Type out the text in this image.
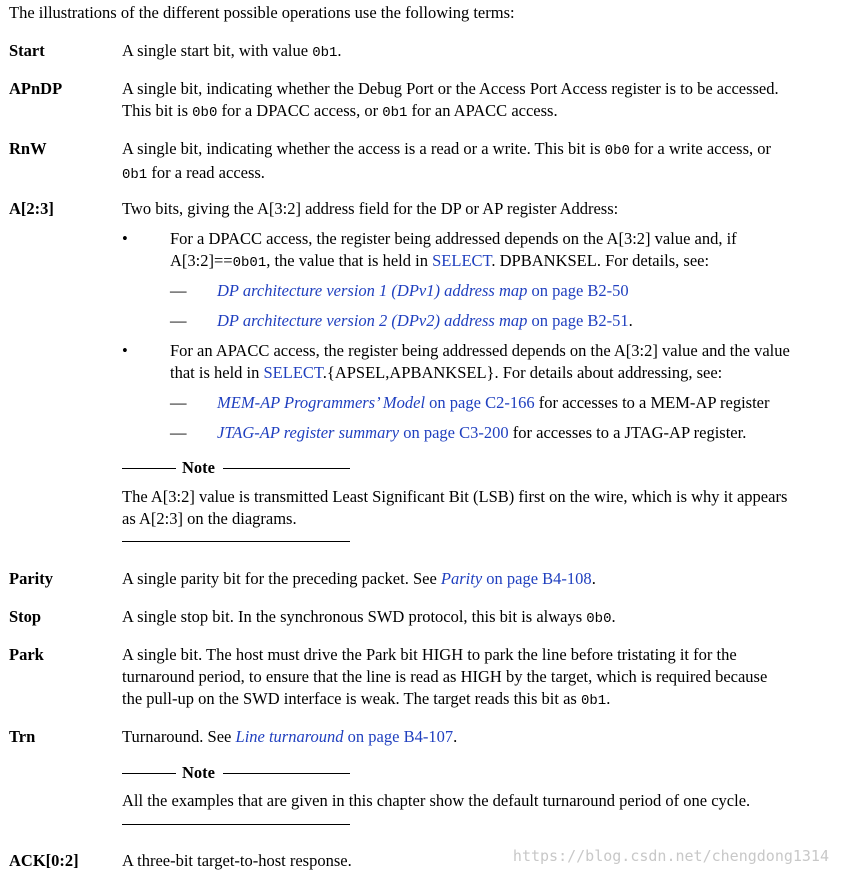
The illustrations of the different possible operations use the following terms:
Start	A single start bit, with value 0b1.
APnDP	A single bit, indicating whether the Debug Port or the Access Port Access register is to be accessed.
This bit is 0b0 for a DPACC access, or 0b1 for an APACC access.
RnW	A single bit, indicating whether the access is a read or a write. This bit is 0b0 for a write access, or
0b1 for a read access.
A[2:3]	Two bits, giving the A[3:2] address field for the DP or AP register Address:
•	For a DPACC access, the register being addressed depends on the A[3:2] value and, if
A[3:2]==0b01, the value that is held in SELECT. DPBANKSEL. For details, see:
— DP architecture version 1 (DPv1) address map on page B2-50
— DP architecture version 2 (DPv2) address map on page B2-51.
•	For an APACC access, the register being addressed depends on the A[3:2] value and the value
that is held in SELECT.{APSEL,APBANKSEL}. For details about addressing, see:
— MEM-AP Programmers’ Model on page C2-166 for accesses to a MEM-AP register
— JTAG-AP register summary on page C3-200 for accesses to a JTAG-AP register.
Note
The A[3:2] value is transmitted Least Significant Bit (LSB) first on the wire, which is why it appears
as A[2:3] on the diagrams.
Parity	A single parity bit for the preceding packet. See Parity on page B4-108.
Stop	A single stop bit. In the synchronous SWD protocol, this bit is always 0b0.
Park	A single bit. The host must drive the Park bit HIGH to park the line before tristating it for the
turnaround period, to ensure that the line is read as HIGH by the target, which is required because
the pull-up on the SWD interface is weak. The target reads this bit as 0b1.
Trn	Turnaround. See Line turnaround on page B4-107.
Note
All the examples that are given in this chapter show the default turnaround period of one cycle.
ACK[0:2]	A three-bit target-to-host response.	https://blog.csdn.net/chengdong1314
